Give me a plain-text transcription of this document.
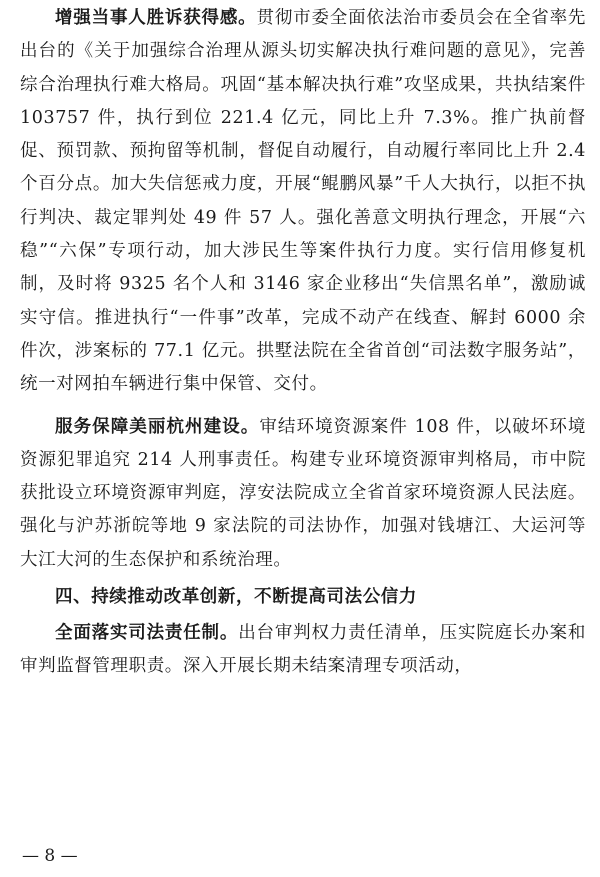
增强当事人胜诉获得感。贯彻市委全面依法治市委员会在全省率先出台的《关于加强综合治理从源头切实解决执行难问题的意见》，完善综合治理执行难大格局。巩固“基本解决执行难”攻坚成果，共执结案件 103757 件，执行到位 221.4 亿元，同比上升 7.3%。推广执前督促、预罚款、预拘留等机制，督促自动履行，自动履行率同比上升 2.4 个百分点。加大失信惩戒力度，开展“鲲鹏风暴”千人大执行，以拒不执行判决、裁定罪判处 49 件 57 人。强化善意文明执行理念，开展“六稳”“六保”专项行动，加大涉民生等案件执行力度。实行信用修复机制，及时将 9325 名个人和 3146 家企业移出“失信黑名单”，激励诚实守信。推进执行“一件事”改革，完成不动产在线查、解封 6000 余件次，涉案标的 77.1 亿元。拱墅法院在全省首创“司法数字服务站”，统一对网拍车辆进行集中保管、交付。

服务保障美丽杭州建设。审结环境资源案件 108 件，以破坏环境资源犯罪追究 214 人刑事责任。构建专业环境资源审判格局，市中院获批设立环境资源审判庭，淳安法院成立全省首家环境资源人民法庭。强化与沪苏浙皖等地 9 家法院的司法协作，加强对钱塘江、大运河等大江大河的生态保护和系统治理。

四、持续推动改革创新，不断提高司法公信力

全面落实司法责任制。出台审判权力责任清单，压实院庭长办案和审判监督管理职责。深入开展长期未结案清理专项活动，

— 8 —
